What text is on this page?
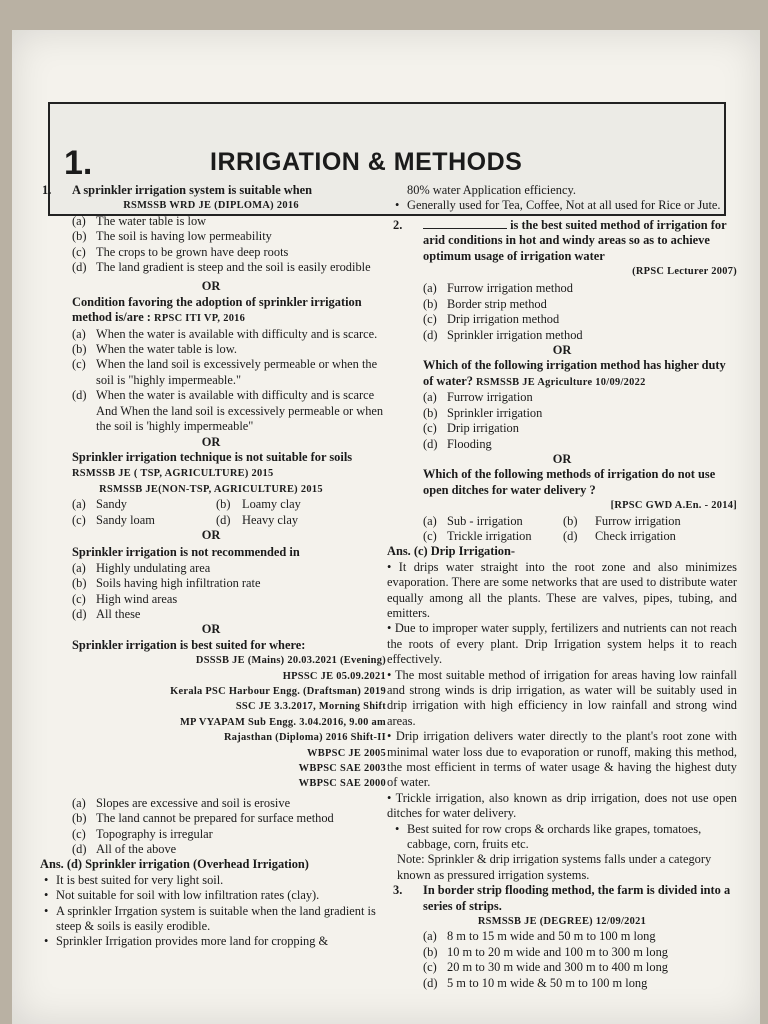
1.	IRRIGATION & METHODS
1. A sprinkler irrigation system is suitable when
RSMSSB WRD JE (DIPLOMA) 2016
(a) The water table is low
(b) The soil is having low permeability
(c) The crops to be grown have deep roots
(d) The land gradient is steep and the soil is easily erodible
OR
Condition favoring the adoption of sprinkler irrigation method is/are : RPSC ITI VP, 2016
(a) When the water is available with difficulty and is scarce.
(b) When the water table is low.
(c) When the land soil is excessively permeable or when the soil is "highly impermeable."
(d) When the water is available with difficulty and is scarce And When the land soil is excessively permeable or when the soil is 'highly impermeable"
OR
Sprinkler irrigation technique is not suitable for soils RSMSSB JE ( TSP, AGRICULTURE) 2015
RSMSSB JE(NON-TSP, AGRICULTURE) 2015
(a) Sandy	(b) Loamy clay
(c) Sandy loam	(d) Heavy clay
OR
Sprinkler irrigation is not recommended in
(a) Highly undulating area
(b) Soils having high infiltration rate
(c) High wind areas
(d) All these
OR
Sprinkler irrigation is best suited for where:
DSSSB JE (Mains) 20.03.2021 (Evening)
HPSSC JE 05.09.2021
Kerala PSC Harbour Engg. (Draftsman) 2019
SSC JE 3.3.2017, Morning Shift
MP VYAPAM Sub Engg. 3.04.2016, 9.00 am
Rajasthan (Diploma) 2016 Shift-II
WBPSC JE 2005
WBPSC SAE 2003
WBPSC SAE 2000
(a) Slopes are excessive and soil is erosive
(b) The land cannot be prepared for surface method
(c) Topography is irregular
(d) All of the above
Ans. (d) Sprinkler irrigation (Overhead Irrigation)
• It is best suited for very light soil.
• Not suitable for soil with low infiltration rates (clay).
• A sprinkler Irrgation system is suitable when the land gradient is steep & soils is easily erodible.
• Sprinkler Irrigation provides more land for cropping &
80% water Application efficiency.
• Generally used for Tea, Coffee, Not at all used for Rice or Jute.
2.	is the best suited method of irrigation for arid conditions in hot and windy areas so as to achieve optimum usage of irrigation water
(RPSC Lecturer 2007)
(a) Furrow irrigation method
(b) Border strip method
(c) Drip irrigation method
(d) Sprinkler irrigation method
OR
Which of the following irrigation method has higher duty of water? RSMSSB JE Agriculture 10/09/2022
(a) Furrow irrigation
(b) Sprinkler irrigation
(c) Drip irrigation
(d) Flooding
OR
Which of the following methods of irrigation do not use open ditches for water delivery ?
[RPSC GWD A.En. - 2014]
(a) Sub - irrigation	(b) Furrow irrigation
(c) Trickle irrigation	(d) Check irrigation
Ans. (c) Drip Irrigation-
• It drips water straight into the root zone and also minimizes evaporation. There are some networks that are used to distribute water equally among all the plants. These are valves, pipes, tubing, and emitters.
• Due to improper water supply, fertilizers and nutrients can not reach the roots of every plant. Drip Irrigation system helps it to reach effectively.
• The most suitable method of irrigation for areas having low rainfall and strong winds is drip irrigation, as water will be suitably used in drip irrigation with high efficiency in low rainfall and strong wind areas.
• Drip irrigation delivers water directly to the plant's root zone with minimal water loss due to evaporation or runoff, making this method, the most efficient in terms of water usage & having the highest duty of water.
• Trickle irrigation, also known as drip irrigation, does not use open ditches for water delivery.
• Best suited for row crops & orchards like grapes, tomatoes, cabbage, corn, fruits etc.
Note: Sprinkler & drip irrigation systems falls under a category known as pressured irrigation systems.
3. In border strip flooding method, the farm is divided into a series of strips.
RSMSSB JE (DEGREE) 12/09/2021
(a) 8 m to 15 m wide and 50 m to 100 m long
(b) 10 m to 20 m wide and 100 m to 300 m long
(c) 20 m to 30 m wide and 300 m to 400 m long
(d) 5 m to 10 m wide & 50 m to 100 m long
